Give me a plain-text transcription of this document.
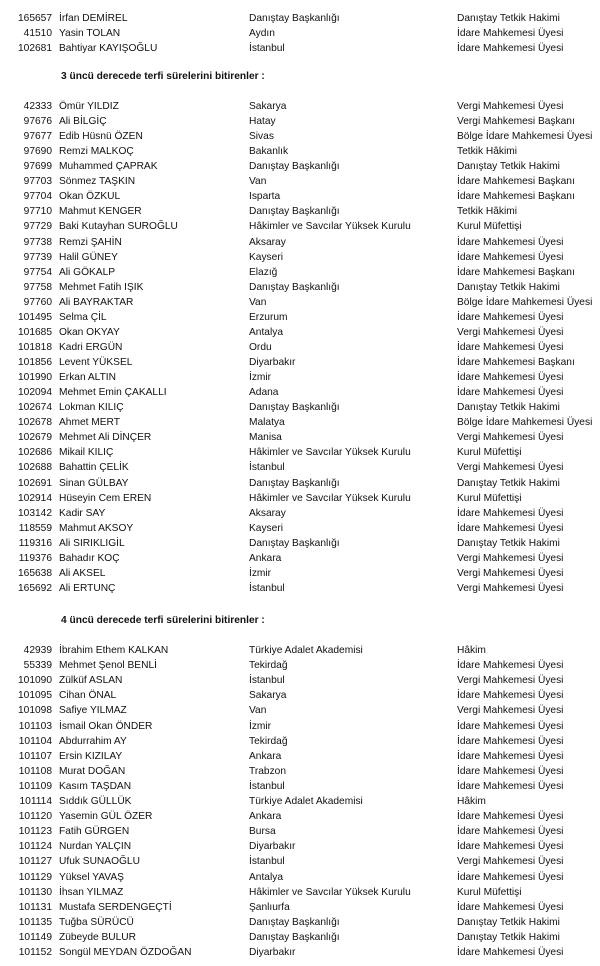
165657 İrfan DEMİREL	Danıştay Başkanlığı	Danıştay Tetkik Hakimi
41510 Yasin TOLAN	Aydın	İdare Mahkemesi Üyesi
102681 Bahtiyar KAYIŞOĞLU	İstanbul	İdare Mahkemesi Üyesi
3 üncü derecede terfi sürelerini bitirenler :
42333 Ömür YILDIZ	Sakarya	Vergi Mahkemesi Üyesi
97676 Ali BİLGİÇ	Hatay	Vergi Mahkemesi Başkanı
97677 Edib Hüsnü ÖZEN	Sivas	Bölge İdare Mahkemesi Üyesi
97690 Remzi MALKOÇ	Bakanlık	Tetkik Hâkimi
97699 Muhammed ÇAPRAK	Danıştay Başkanlığı	Danıştay Tetkik Hakimi
97703 Sönmez TAŞKIN	Van	İdare Mahkemesi Başkanı
97704 Okan ÖZKUL	Isparta	İdare Mahkemesi Başkanı
97710 Mahmut KENGER	Danıştay Başkanlığı	Tetkik Hâkimi
97729 Baki Kutayhan SUROĞLU	Hâkimler ve Savcılar Yüksek Kurulu	Kurul Müfettişi
97738 Remzi ŞAHİN	Aksaray	İdare Mahkemesi Üyesi
97739 Halil GÜNEY	Kayseri	İdare Mahkemesi Üyesi
97754 Ali GÖKALP	Elazığ	İdare Mahkemesi Başkanı
97758 Mehmet Fatih IŞIK	Danıştay Başkanlığı	Danıştay Tetkik Hakimi
97760 Ali BAYRAKTAR	Van	Bölge İdare Mahkemesi Üyesi
101495 Selma ÇİL	Erzurum	İdare Mahkemesi Üyesi
101685 Okan OKYAY	Antalya	Vergi Mahkemesi Üyesi
101818 Kadri ERGÜN	Ordu	İdare Mahkemesi Üyesi
101856 Levent YÜKSEL	Diyarbakır	İdare Mahkemesi Başkanı
101990 Erkan ALTIN	İzmir	İdare Mahkemesi Üyesi
102094 Mehmet Emin ÇAKALLI	Adana	İdare Mahkemesi Üyesi
102674 Lokman KILIÇ	Danıştay Başkanlığı	Danıştay Tetkik Hakimi
102678 Ahmet MERT	Malatya	Bölge İdare Mahkemesi Üyesi
102679 Mehmet Ali DİNÇER	Manisa	Vergi Mahkemesi Üyesi
102686 Mikail KILIÇ	Hâkimler ve Savcılar Yüksek Kurulu	Kurul Müfettişi
102688 Bahattin ÇELİK	İstanbul	Vergi Mahkemesi Üyesi
102691 Sinan GÜLBAY	Danıştay Başkanlığı	Danıştay Tetkik Hakimi
102914 Hüseyin Cem EREN	Hâkimler ve Savcılar Yüksek Kurulu	Kurul Müfettişi
103142 Kadir SAY	Aksaray	İdare Mahkemesi Üyesi
118559 Mahmut AKSOY	Kayseri	İdare Mahkemesi Üyesi
119316 Ali SIRIKLIGİL	Danıştay Başkanlığı	Danıştay Tetkik Hakimi
119376 Bahadır KOÇ	Ankara	Vergi Mahkemesi Üyesi
165638 Ali AKSEL	İzmir	Vergi Mahkemesi Üyesi
165692 Ali ERTUNÇ	İstanbul	Vergi Mahkemesi Üyesi
4 üncü derecede terfi sürelerini bitirenler :
42939 İbrahim Ethem KALKAN	Türkiye Adalet Akademisi	Hâkim
55339 Mehmet Şenol BENLİ	Tekirdağ	İdare Mahkemesi Üyesi
101090 Zülküf ASLAN	İstanbul	Vergi Mahkemesi Üyesi
101095 Cihan ÖNAL	Sakarya	İdare Mahkemesi Üyesi
101098 Safiye YILMAZ	Van	Vergi Mahkemesi Üyesi
101103 İsmail Okan ÖNDER	İzmir	İdare Mahkemesi Üyesi
101104 Abdurrahim AY	Tekirdağ	İdare Mahkemesi Üyesi
101107 Ersin KIZILAY	Ankara	İdare Mahkemesi Üyesi
101108 Murat DOĞAN	Trabzon	İdare Mahkemesi Üyesi
101109 Kasım TAŞDAN	İstanbul	İdare Mahkemesi Üyesi
101114 Sıddık GÜLLÜK	Türkiye Adalet Akademisi	Hâkim
101120 Yasemin GÜL ÖZER	Ankara	İdare Mahkemesi Üyesi
101123 Fatih GÜRGEN	Bursa	İdare Mahkemesi Üyesi
101124 Nurdan YALÇIN	Diyarbakır	İdare Mahkemesi Üyesi
101127 Ufuk SUNAOĞLU	İstanbul	Vergi Mahkemesi Üyesi
101129 Yüksel YAVAŞ	Antalya	İdare Mahkemesi Üyesi
101130 İhsan YILMAZ	Hâkimler ve Savcılar Yüksek Kurulu	Kurul Müfettişi
101131 Mustafa SERDENGEÇTİ	Şanlıurfa	İdare Mahkemesi Üyesi
101135 Tuğba SÜRÜCÜ	Danıştay Başkanlığı	Danıştay Tetkik Hakimi
101149 Zübeyde BULUR	Danıştay Başkanlığı	Danıştay Tetkik Hakimi
101152 Songül MEYDAN ÖZDOĞAN	Diyarbakır	İdare Mahkemesi Üyesi
